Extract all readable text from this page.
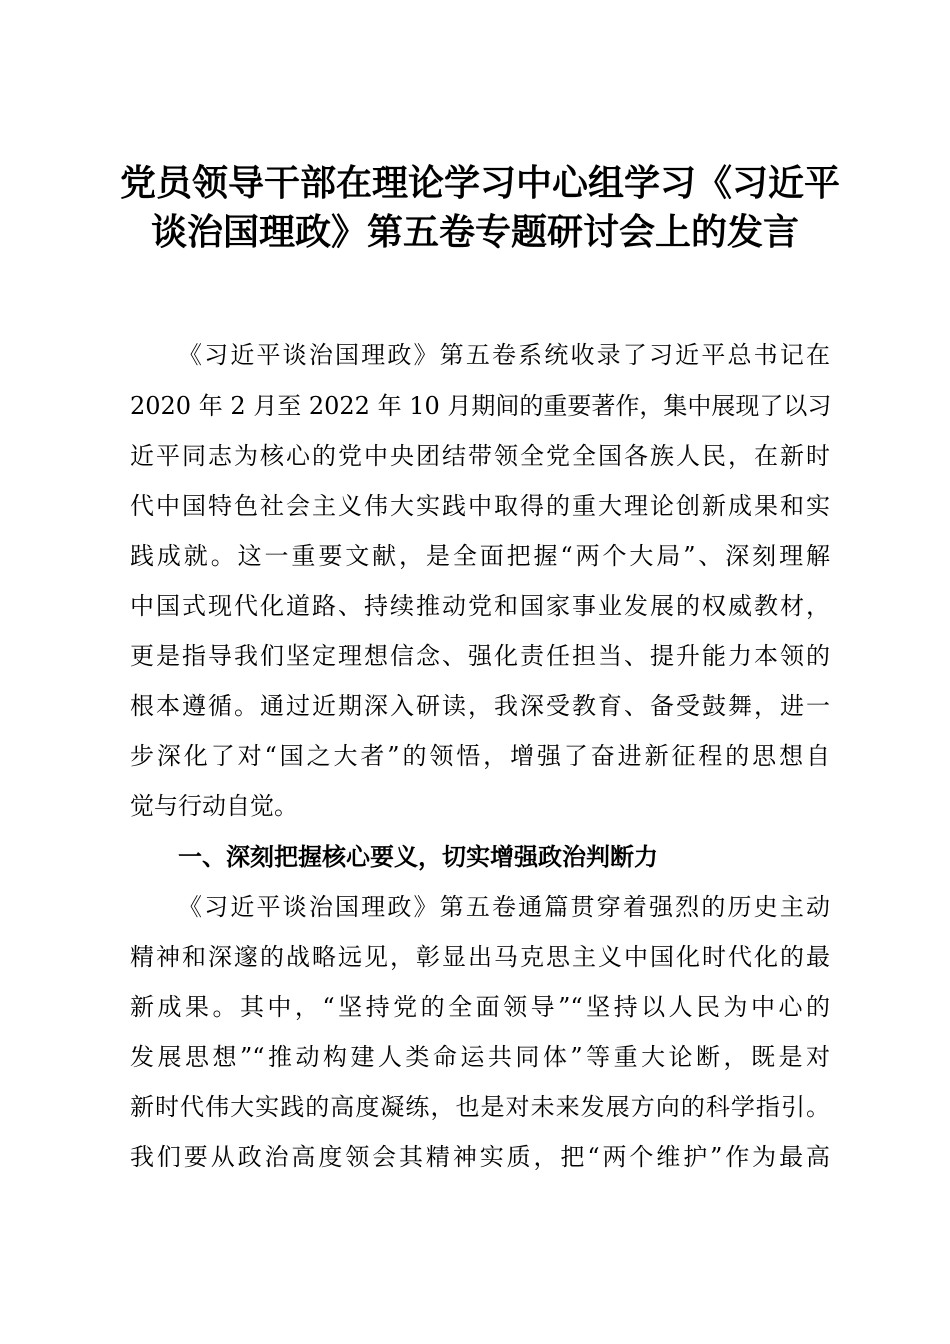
党员领导干部在理论学习中心组学习《习近平
谈治国理政》第五卷专题研讨会上的发言
《习近平谈治国理政》第五卷系统收录了习近平总书记在
2020 年 2 月至 2022 年 10 月期间的重要著作，集中展现了以习
近平同志为核心的党中央团结带领全党全国各族人民，在新时
代中国特色社会主义伟大实践中取得的重大理论创新成果和实
践成就。这一重要文献，是全面把握“两个大局”、深刻理解
中国式现代化道路、持续推动党和国家事业发展的权威教材，
更是指导我们坚定理想信念、强化责任担当、提升能力本领的
根本遵循。通过近期深入研读，我深受教育、备受鼓舞，进一
步深化了对“国之大者”的领悟，增强了奋进新征程的思想自
觉与行动自觉。
一、深刻把握核心要义，切实增强政治判断力
《习近平谈治国理政》第五卷通篇贯穿着强烈的历史主动
精神和深邃的战略远见，彰显出马克思主义中国化时代化的最
新成果。其中，“坚持党的全面领导”“坚持以人民为中心的
发展思想”“推动构建人类命运共同体”等重大论断，既是对
新时代伟大实践的高度凝练，也是对未来发展方向的科学指引。
我们要从政治高度领会其精神实质，把“两个维护”作为最高
